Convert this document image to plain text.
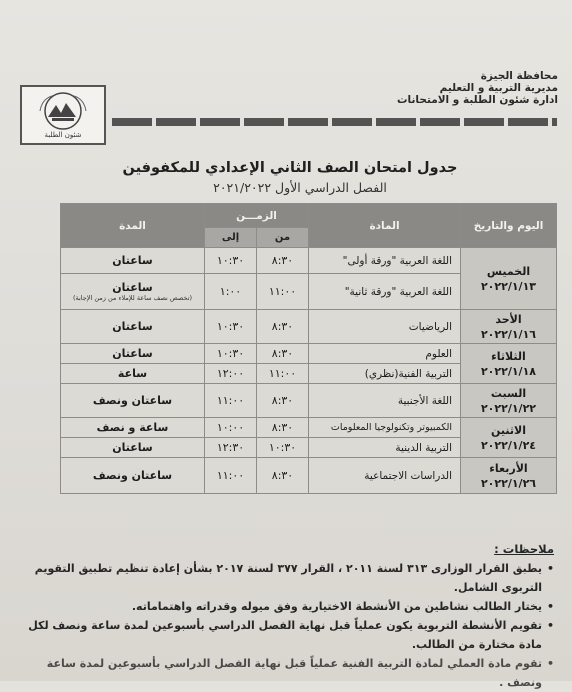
محافظة الجيزة
مديرية التربية و التعليم
ادارة شئون الطلبة و الامتحانات
شئون الطلبة
جدول امتحان الصف الثاني الإعدادي للمكفوفين
الفصل الدراسي الأول ٢٠٢١/٢٠٢٢
اليوم والتاريخ	المادة	الزمـــن		المدة
		من	إلى	

الخميس
٢٠٢٢/١/١٣	اللغة العربية "ورقة أولى"	٨:٣٠	١٠:٣٠	ساعتان
	اللغة العربية "ورقة ثانية"	١١:٠٠	١:٠٠	ساعتان
(تخصص نصف ساعة للإملاء من زمن الإجابة)

الأحد
٢٠٢٢/١/١٦	الرياضيات	٨:٣٠	١٠:٣٠	ساعتان

الثلاثاء
٢٠٢٢/١/١٨	العلوم	٨:٣٠	١٠:٣٠	ساعتان
	التربية الفنية(نظري)	١١:٠٠	١٢:٠٠	ساعة

السبت
٢٠٢٢/١/٢٢	اللغة الأجنبية	٨:٣٠	١١:٠٠	ساعتان ونصف

الاثنين
٢٠٢٢/١/٢٤	الكمبيوتر وتكنولوجيا المعلومات	٨:٣٠	١٠:٠٠	ساعة و نصف
	التربية الدينية	١٠:٣٠	١٢:٣٠	ساعتان

الأربعاء
٢٠٢٢/١/٢٦	الدراسات الاجتماعية	٨:٣٠	١١:٠٠	ساعتان ونصف
ملاحظات :
• يطبق القرار الوزارى ٣١٣ لسنة ٢٠١١ ، القرار ٣٧٧ لسنة ٢٠١٧ بشأن إعادة تنظيم تطبيق التقويم التربوى الشامل.
• يختار الطالب نشاطين من الأنشطة الاختيارية وفق ميوله وقدراته واهتماماته.
• تقويم الأنشطة التربوية يكون عملياً قبل نهاية الفصل الدراسي بأسبوعين لمدة ساعة ونصف لكل مادة مختارة من الطالب.
• تقوم مادة العملي لمادة التربية الفنية عملياً قبل نهاية الفصل الدراسي بأسبوعين لمدة ساعة ونصف .
